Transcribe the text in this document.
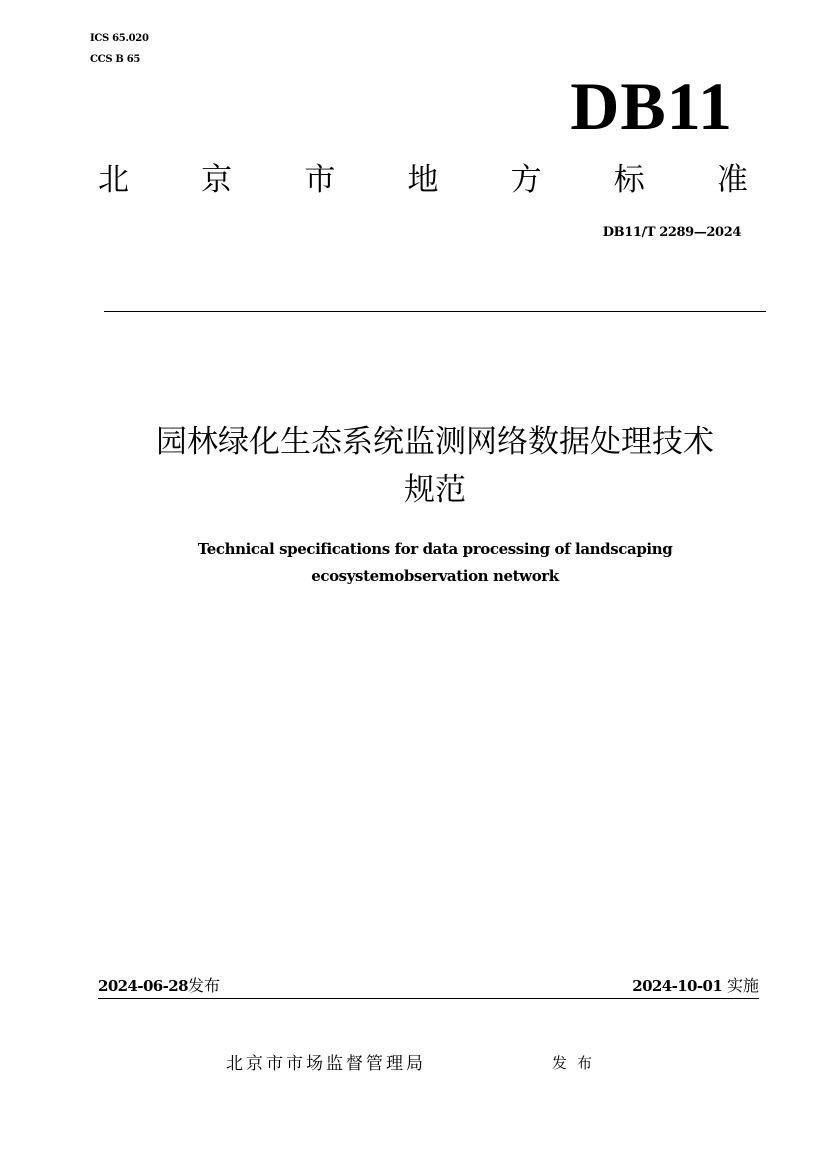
ICS 65.020
CCS B 65
DB11
北 京 市 地 方 标 准
DB11/T 2289—2024
园林绿化生态系统监测网络数据处理技术
规范
Technical specifications for data processing of landscaping
ecosystemobservation network
2024-06-28发布	2024-10-01 实施
北京市市场监督管理局	发布
